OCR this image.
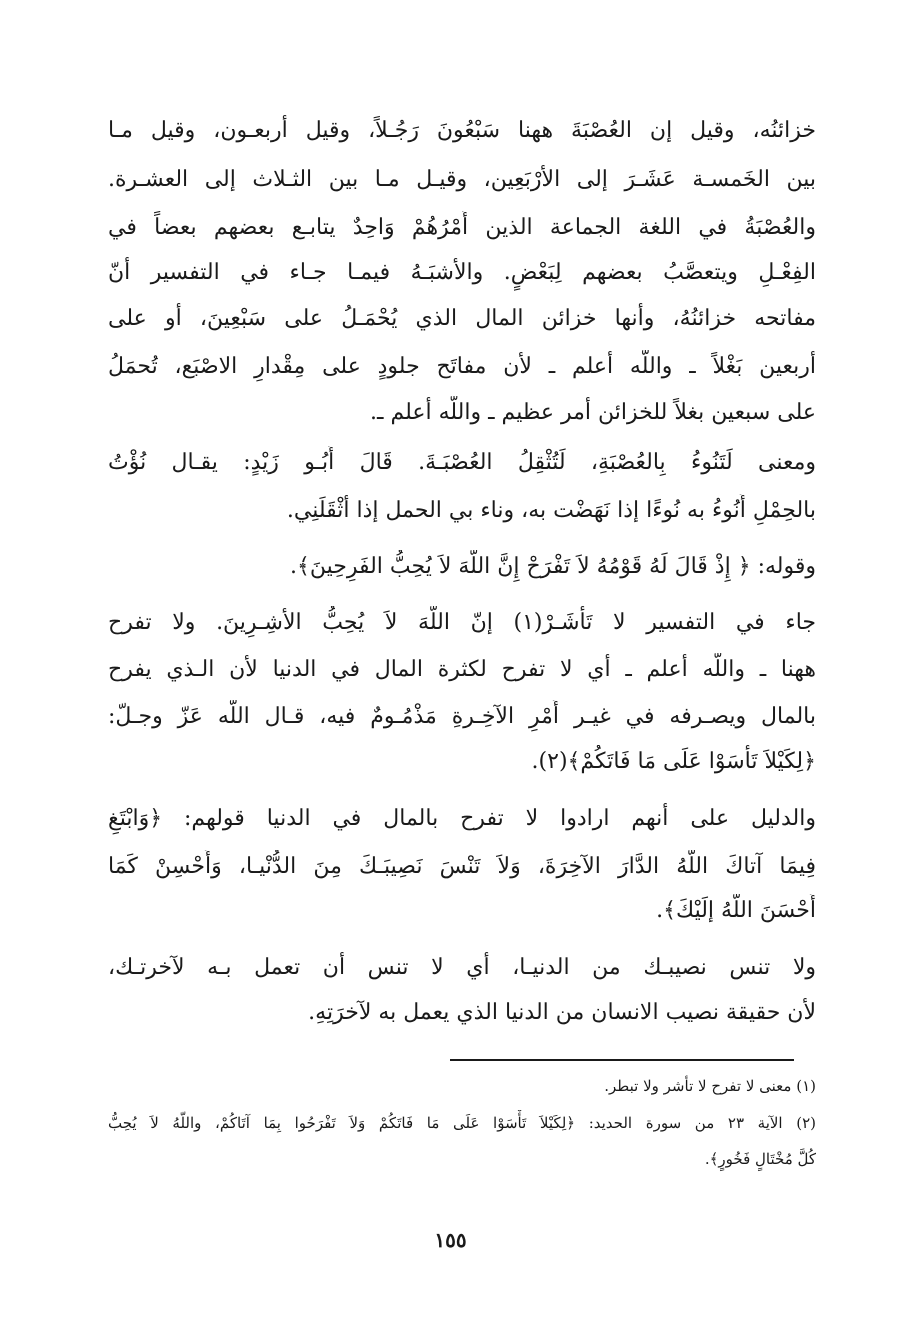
خزائنُه، وقيل إن العُصْبَةَ ههنا سَبْعُونَ رَجُـلاً، وقيل أربعـون، وقيل مـا
بين الخَمسـة عَشَـرَ إلى الأرْبَعِين، وقيـل مـا بين الثـلاث إلى العشـرة.
والعُصْبَةُ في اللغة الجماعة الذين أَمْرُهُمْ وَاحِدٌ يتابـع بعضهم بعضاً في
الفِعْـلِ ويتعصَّبُ بعضهم لِبَعْضٍ. والأشبَـهُ فيمـا جـاء في التفسير أنّ
مفاتحه خزائنُهُ، وأنها خزائن المال الذي يُحْمَـلُ على سَبْعِينَ، أو على
أربعين بَغْلاً ـ واللّه أعلم ـ لأن مفاتَح جلودٍ على مِقْدارِ الاصْبَع، تُحمَلُ
على سبعين بغلاً للخزائن أمر عظيم ـ واللّه أعلم ـ.
ومعنى لَتَنُوءُ بِالعُصْبَةِ، لَتُثْقِلُ العُصْبَـةَ. قَالَ أَبُـو زَيْدٍ: يقـال نُؤْتُ
بالحِمْلِ أَنُوءُ به نُوءًا إذا نَهَضْت به، وناء بي الحمل إذا أثْقَلَنِي.
وقوله: ﴿ إِذْ قَالَ لَهُ قَوْمُهُ لاَ تَفْرَحْ إِنَّ اللّهَ لاَ يُحِبُّ الفَرِحِينَ﴾.
جاء في التفسير لا تَأْشَـرْ(١) إنّ اللّهَ لاَ يُحِبُّ الأشِـرِينَ. ولا تفرح
ههنا ـ واللّه أعلم ـ أي لا تفرح لكثرة المال في الدنيا لأن الـذي يفرح
بالمال ويصـرفه في غيـر أَمْرِ الآخِـرةِ مَذْمُـومٌ فيه، قـال اللّه عَزّ وجـلّ:
﴿لِكَيْلاَ تَأْسَوْا عَلَى مَا فَاتَكُمْ﴾(٢).
والدليل على أنهم ارادوا لا تفرح بالمال في الدنيا قولهم: ﴿وَابْتَغِ
فِيمَا آتاكَ اللّهُ الدَّارَ الآخِرَةَ، وَلاَ تَنْسَ نَصِيبَـكَ مِنَ الدُّنْيـا، وَأَحْسِنْ كَمَا
أَحْسَنَ اللّهُ إلَيْكَ﴾.
ولا تنس نصيبـك من الدنيـا، أي لا تنس أن تعمل بـه لآخرتـك،
لأن حقيقة نصيب الانسان من الدنيا الذي يعمل به لآخرَتِهِ.
(١) معنى لا تفرح لا تأشر ولا تبطر.
(٢) الآية ٢٣ من سورة الحديد: ﴿لِكَيْلاَ تَأْسَوْا عَلَى مَا فَاتَكُمْ وَلاَ تَفْرَحُوا بِمَا آتَاكُمْ، واللّهُ لاَ يُحِبُّ
كُلَّ مُخْتَالٍ فَخُورٍ﴾.
١٥٥
